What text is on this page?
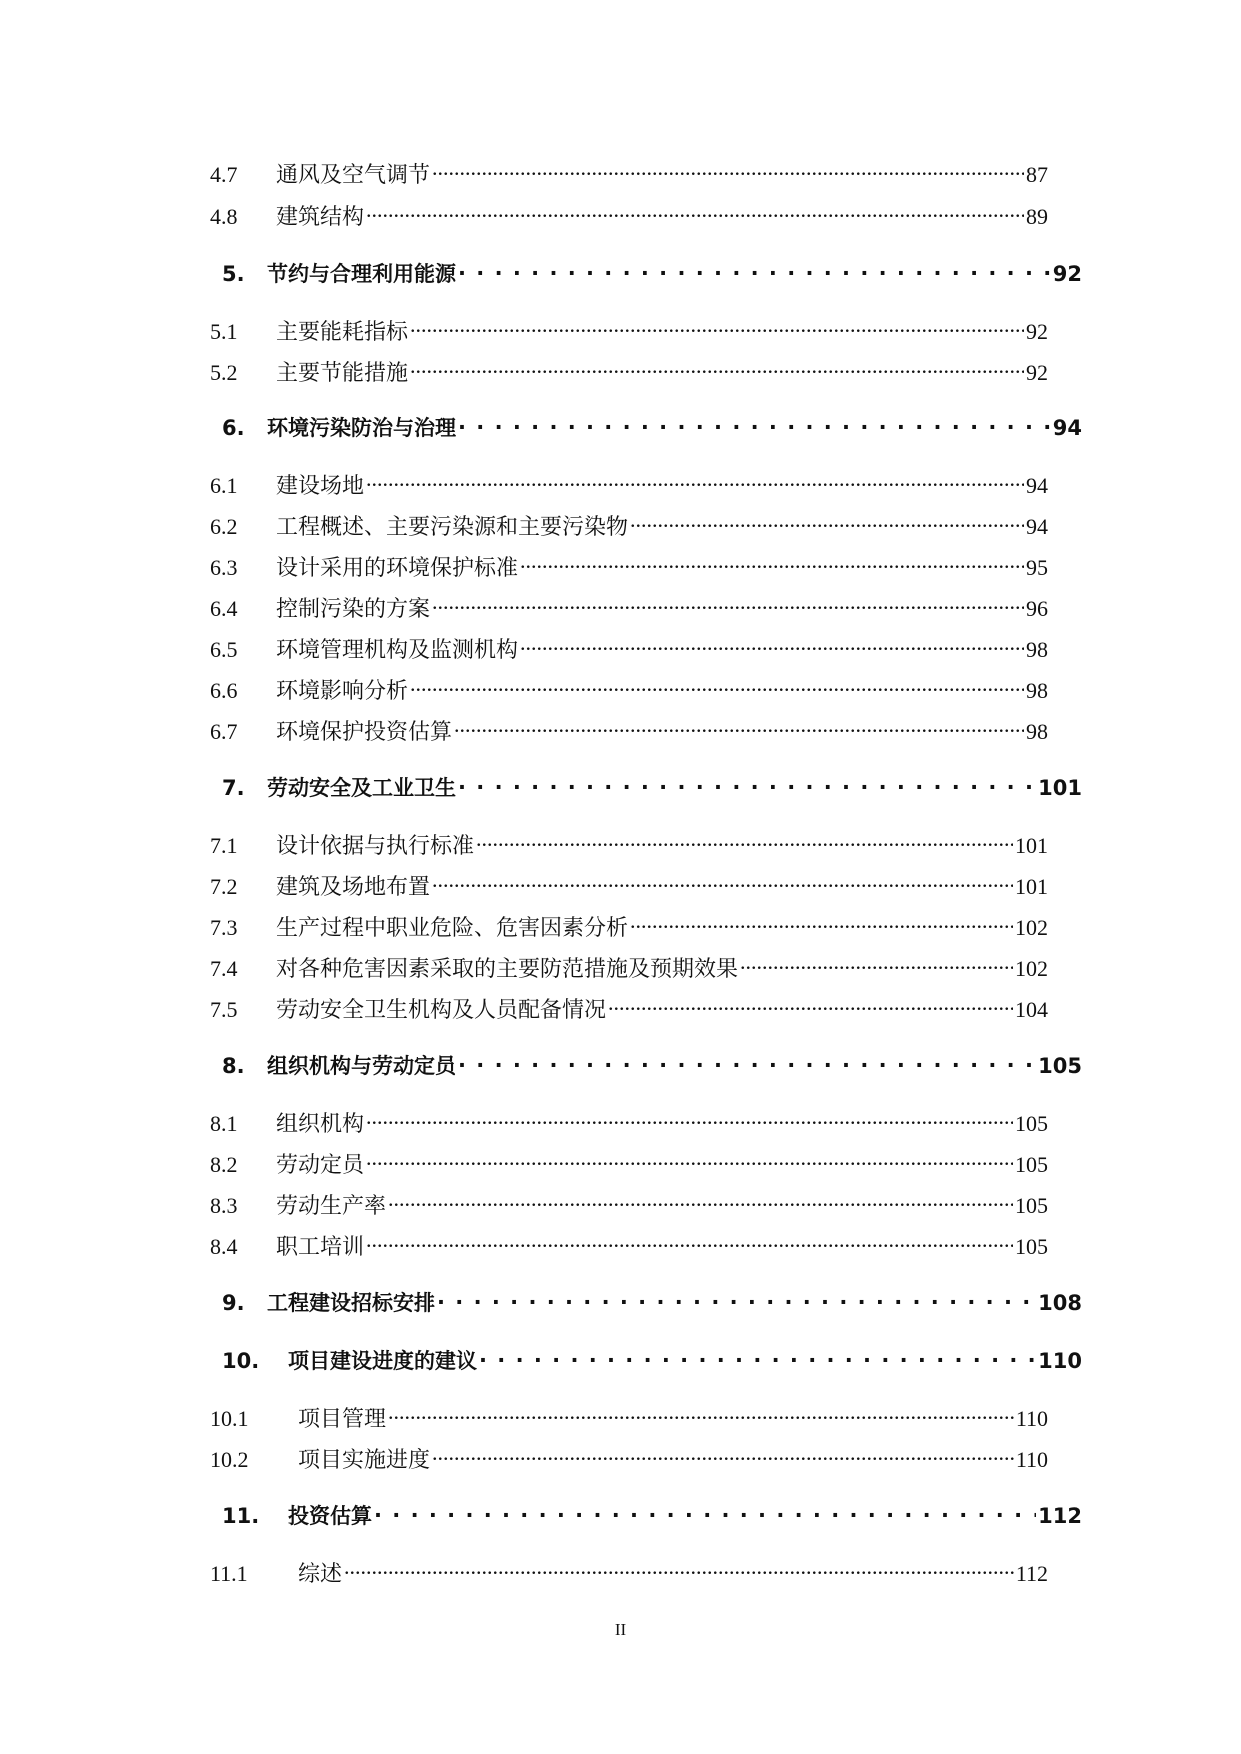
4.7	通风及空气调节 .....	87
4.8	建筑结构 .....	89
5.	节约与合理利用能源 . . .	92
5.1	主要能耗指标 .....	92
5.2	主要节能措施 .....	92
6.	环境污染防治与治理 . . .	94
6.1	建设场地 .....	94
6.2	工程概述、主要污染源和主要污染物 .....	94
6.3	设计采用的环境保护标准 .....	95
6.4	控制污染的方案 .....	96
6.5	环境管理机构及监测机构 .....	98
6.6	环境影响分析 .....	98
6.7	环境保护投资估算 .....	98
7.	劳动安全及工业卫生 . . .	101
7.1	设计依据与执行标准 .....	101
7.2	建筑及场地布置 .....	101
7.3	生产过程中职业危险、危害因素分析 .....	102
7.4	对各种危害因素采取的主要防范措施及预期效果 .....	102
7.5	劳动安全卫生机构及人员配备情况 .....	104
8.	组织机构与劳动定员 . . .	105
8.1	组织机构 .....	105
8.2	劳动定员 .....	105
8.3	劳动生产率 .....	105
8.4	职工培训 .....	105
9.	工程建设招标安排 . . .	108
10.	项目建设进度的建议 . . .	110
10.1	项目管理 .....	110
10.2	项目实施进度 .....	110
11.	投资估算 . . .	112
11.1	综述 .....	112
II
